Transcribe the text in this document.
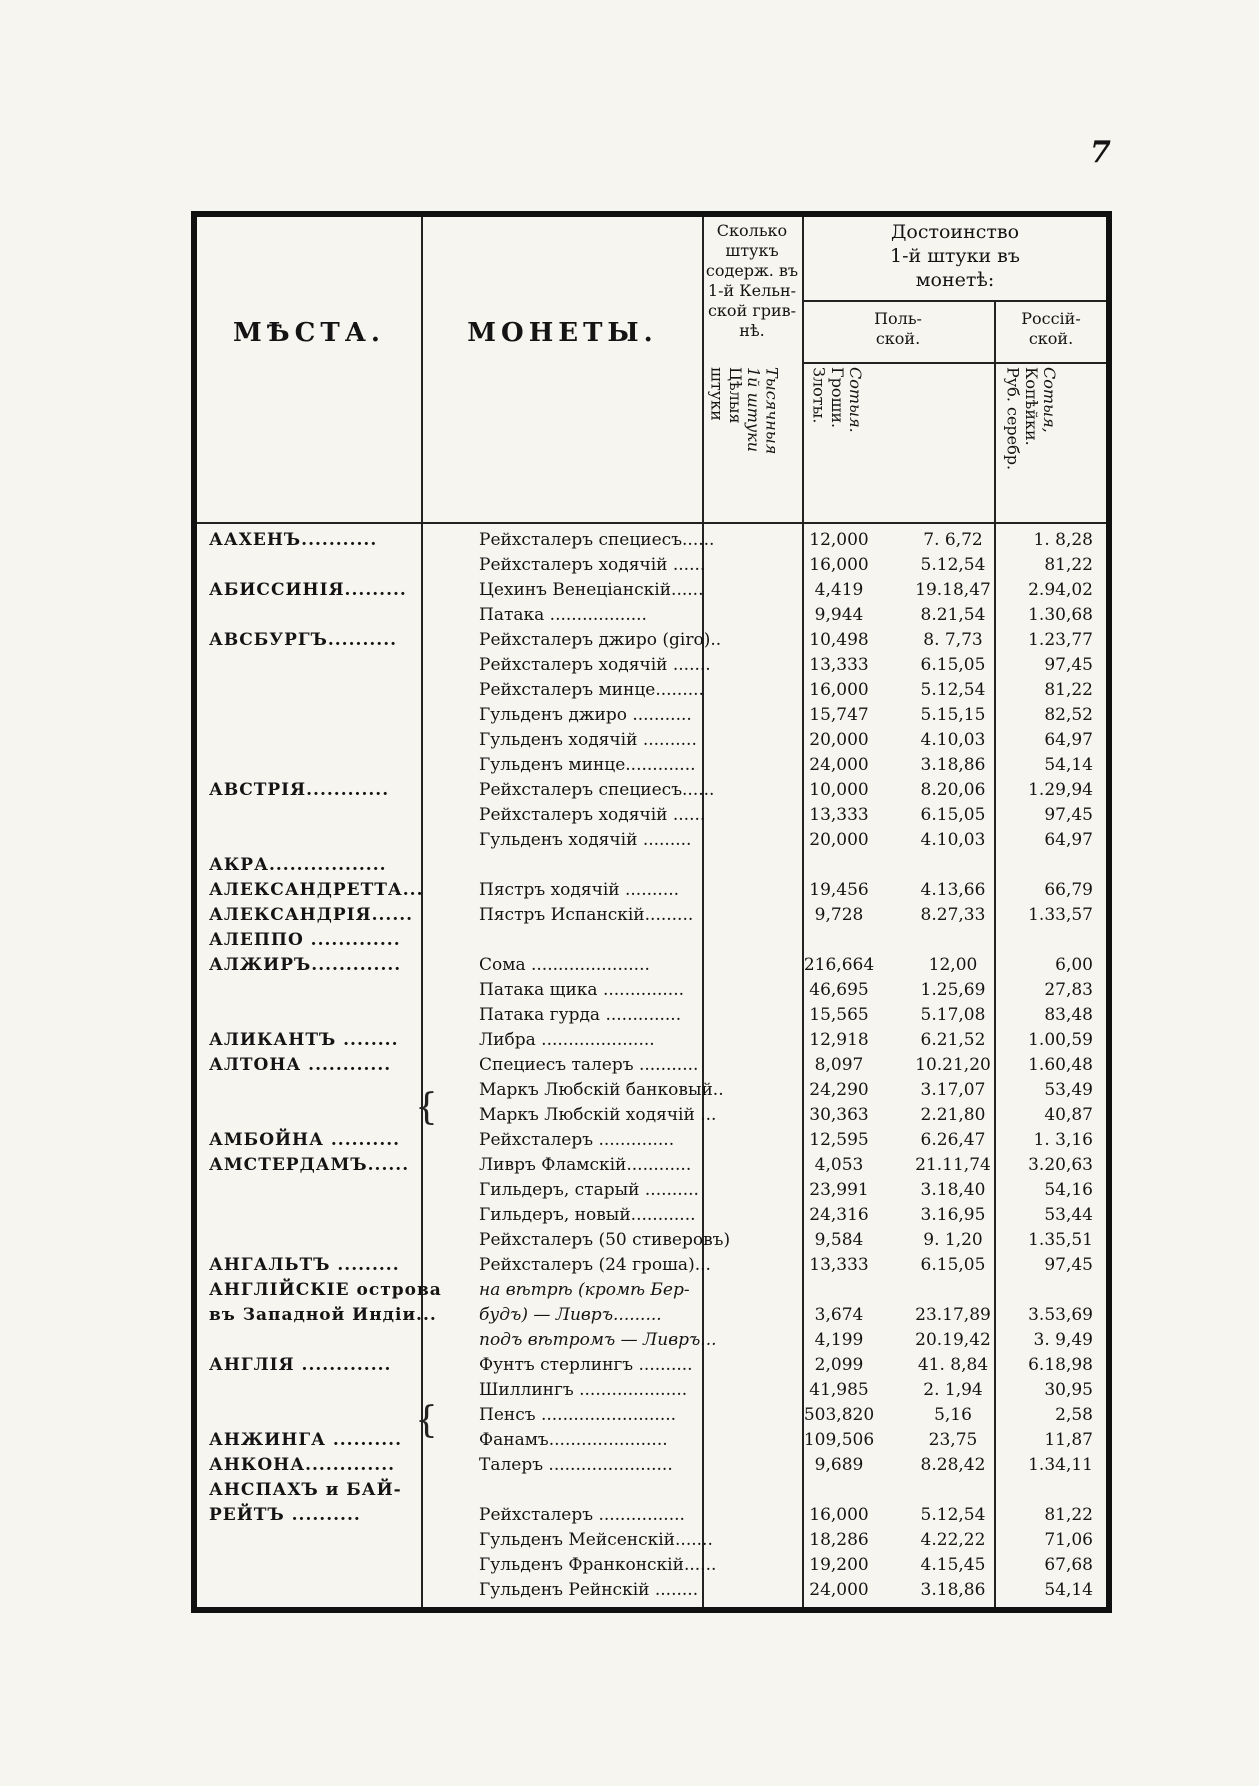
7
МѢСТА.	МОНЕТЫ.
Сколько
штукъ
содерж. въ
1-й Кельн-
ской грив-
нѣ.
Достоинство
1-й штуки въ
монетѣ:
Поль-
ской.
Россій-
ской.
Тысячныя
1й штуки
Цѣлыя
штуки	Сотыя.
Гроши.
Злоты.	Сотыя,
Копѣйки.
Руб. серебр.
{
{
ААХЕНЪ...........	Рейхсталеръ специесъ......	12,000	7. 6,72	1. 8,28
Рейхсталеръ ходячій ......	16,000	5.12,54	81,22
АБИССИНІЯ.........	Цехинъ Венеціанскій......	4,419	19.18,47	2.94,02
Патака ..................	9,944	8.21,54	1.30,68
АВСБУРГЪ..........	Рейхсталеръ джиро (giro)..	10,498	8. 7,73	1.23,77
Рейхсталеръ ходячій .......	13,333	6.15,05	97,45
Рейхсталеръ минце.........	16,000	5.12,54	81,22
Гульденъ джиро ...........	15,747	5.15,15	82,52
Гульденъ ходячій ..........	20,000	4.10,03	64,97
Гульденъ минце.............	24,000	3.18,86	54,14
АВСТРІЯ............	Рейхсталеръ специесъ......	10,000	8.20,06	1.29,94
Рейхсталеръ ходячій ......	13,333	6.15,05	97,45
Гульденъ ходячій .........	20,000	4.10,03	64,97
АКРА.................
АЛЕКСАНДРЕТТА...	Пястръ ходячій ..........	19,456	4.13,66	66,79
АЛЕКСАНДРІЯ......	Пястръ Испанскій.........	9,728	8.27,33	1.33,57
АЛЕППО .............
АЛЖИРЪ.............	Сома ......................	216,664	12,00	6,00
Патака щика ...............	46,695	1.25,69	27,83
Патака гурда ..............	15,565	5.17,08	83,48
АЛИКАНТЪ ........	Либра .....................	12,918	6.21,52	1.00,59
АЛТОНА ............	Специесъ талеръ ...........	8,097	10.21,20	1.60,48
Маркъ Любскій банковый..	24,290	3.17,07	53,49
Маркъ Любскій ходячій ...	30,363	2.21,80	40,87
АМБОЙНА ..........	Рейхсталеръ ..............	12,595	6.26,47	1. 3,16
АМСТЕРДАМЪ......	Ливръ Фламскій............	4,053	21.11,74	3.20,63
Гильдеръ, старый ..........	23,991	3.18,40	54,16
Гильдеръ, новый............	24,316	3.16,95	53,44
Рейхсталеръ (50 стиверовъ)	9,584	9. 1,20	1.35,51
АНГАЛЬТЪ .........	Рейхсталеръ (24 гроша)...	13,333	6.15,05	97,45
АНГЛІЙСКІЕ острова	на вѣтрѣ (кромѣ Бер-
въ Западной Индіи...	будъ) — Ливръ.........	3,674	23.17,89	3.53,69
подъ вѣтромъ — Ливръ...	4,199	20.19,42	3. 9,49
АНГЛІЯ .............	Фунтъ стерлингъ ..........	2,099	41. 8,84	6.18,98
Шиллингъ ....................	41,985	2. 1,94	30,95
Пенсъ .........................	503,820	5,16	2,58
АНЖИНГА ..........	Фанамъ......................	109,506	23,75	11,87
АНКОНА.............	Талеръ .......................	9,689	8.28,42	1.34,11
АНСПАХЪ и БАЙ-
РЕЙТЪ ..........	Рейхсталеръ ................	16,000	5.12,54	81,22
Гульденъ Мейсенскій.......	18,286	4.22,22	71,06
Гульденъ Франконскій......	19,200	4.15,45	67,68
Гульденъ Рейнскій ........	24,000	3.18,86	54,14
